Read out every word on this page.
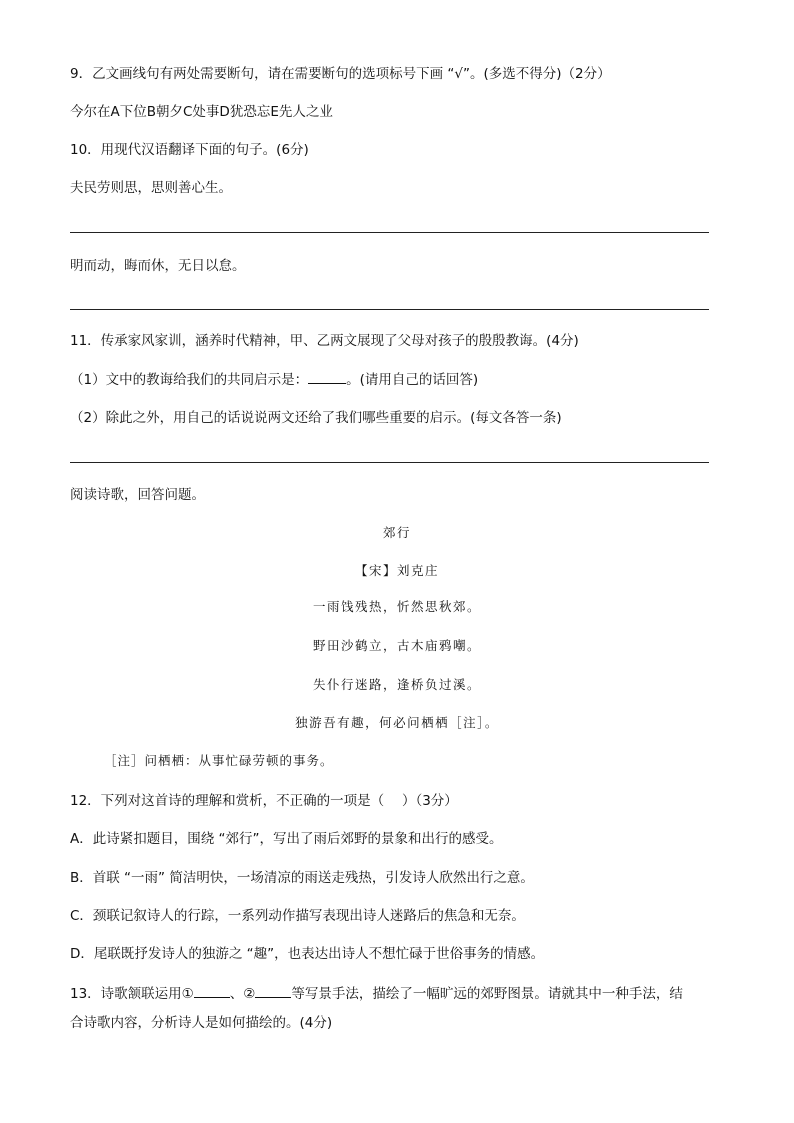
9．乙文画线句有两处需要断句，请在需要断句的选项标号下画 “√”。(多选不得分)（2分）
今尔在A下位B朝夕C处事D犹恐忘E先人之业
10．用现代汉语翻译下面的句子。(6分)
夫民劳则思，思则善心生。
明而动，晦而休，无日以怠。
11．传承家风家训，涵养时代精神，甲、乙两文展现了父母对孩子的殷殷教诲。(4分)
（1）文中的教诲给我们的共同启示是：	。(请用自己的话回答)
（2）除此之外，用自己的话说说两文还给了我们哪些重要的启示。(每文各答一条)
阅读诗歌，回答问题。
郊行
【宋】刘克庄
一雨饯残热，忻然思秋郊。
野田沙鹤立，古木庙鸦嘲。
失仆行迷路，逢桥负过溪。
独游吾有趣，何必问栖栖［注］。
［注］问栖栖：从事忙碌劳顿的事务。
12．下列对这首诗的理解和赏析，不正确的一项是（　 ）（3分）
A．此诗紧扣题目，围绕 “郊行”，写出了雨后郊野的景象和出行的感受。
B．首联 “一雨” 简洁明快，一场清凉的雨送走残热，引发诗人欣然出行之意。
C．颈联记叙诗人的行踪，一系列动作描写表现出诗人迷路后的焦急和无奈。
D．尾联既抒发诗人的独游之 “趣”，也表达出诗人不想忙碌于世俗事务的情感。
13．诗歌颔联运用①	、②	等写景手法，描绘了一幅旷远的郊野图景。请就其中一种手法，结
合诗歌内容，分析诗人是如何描绘的。(4分)
